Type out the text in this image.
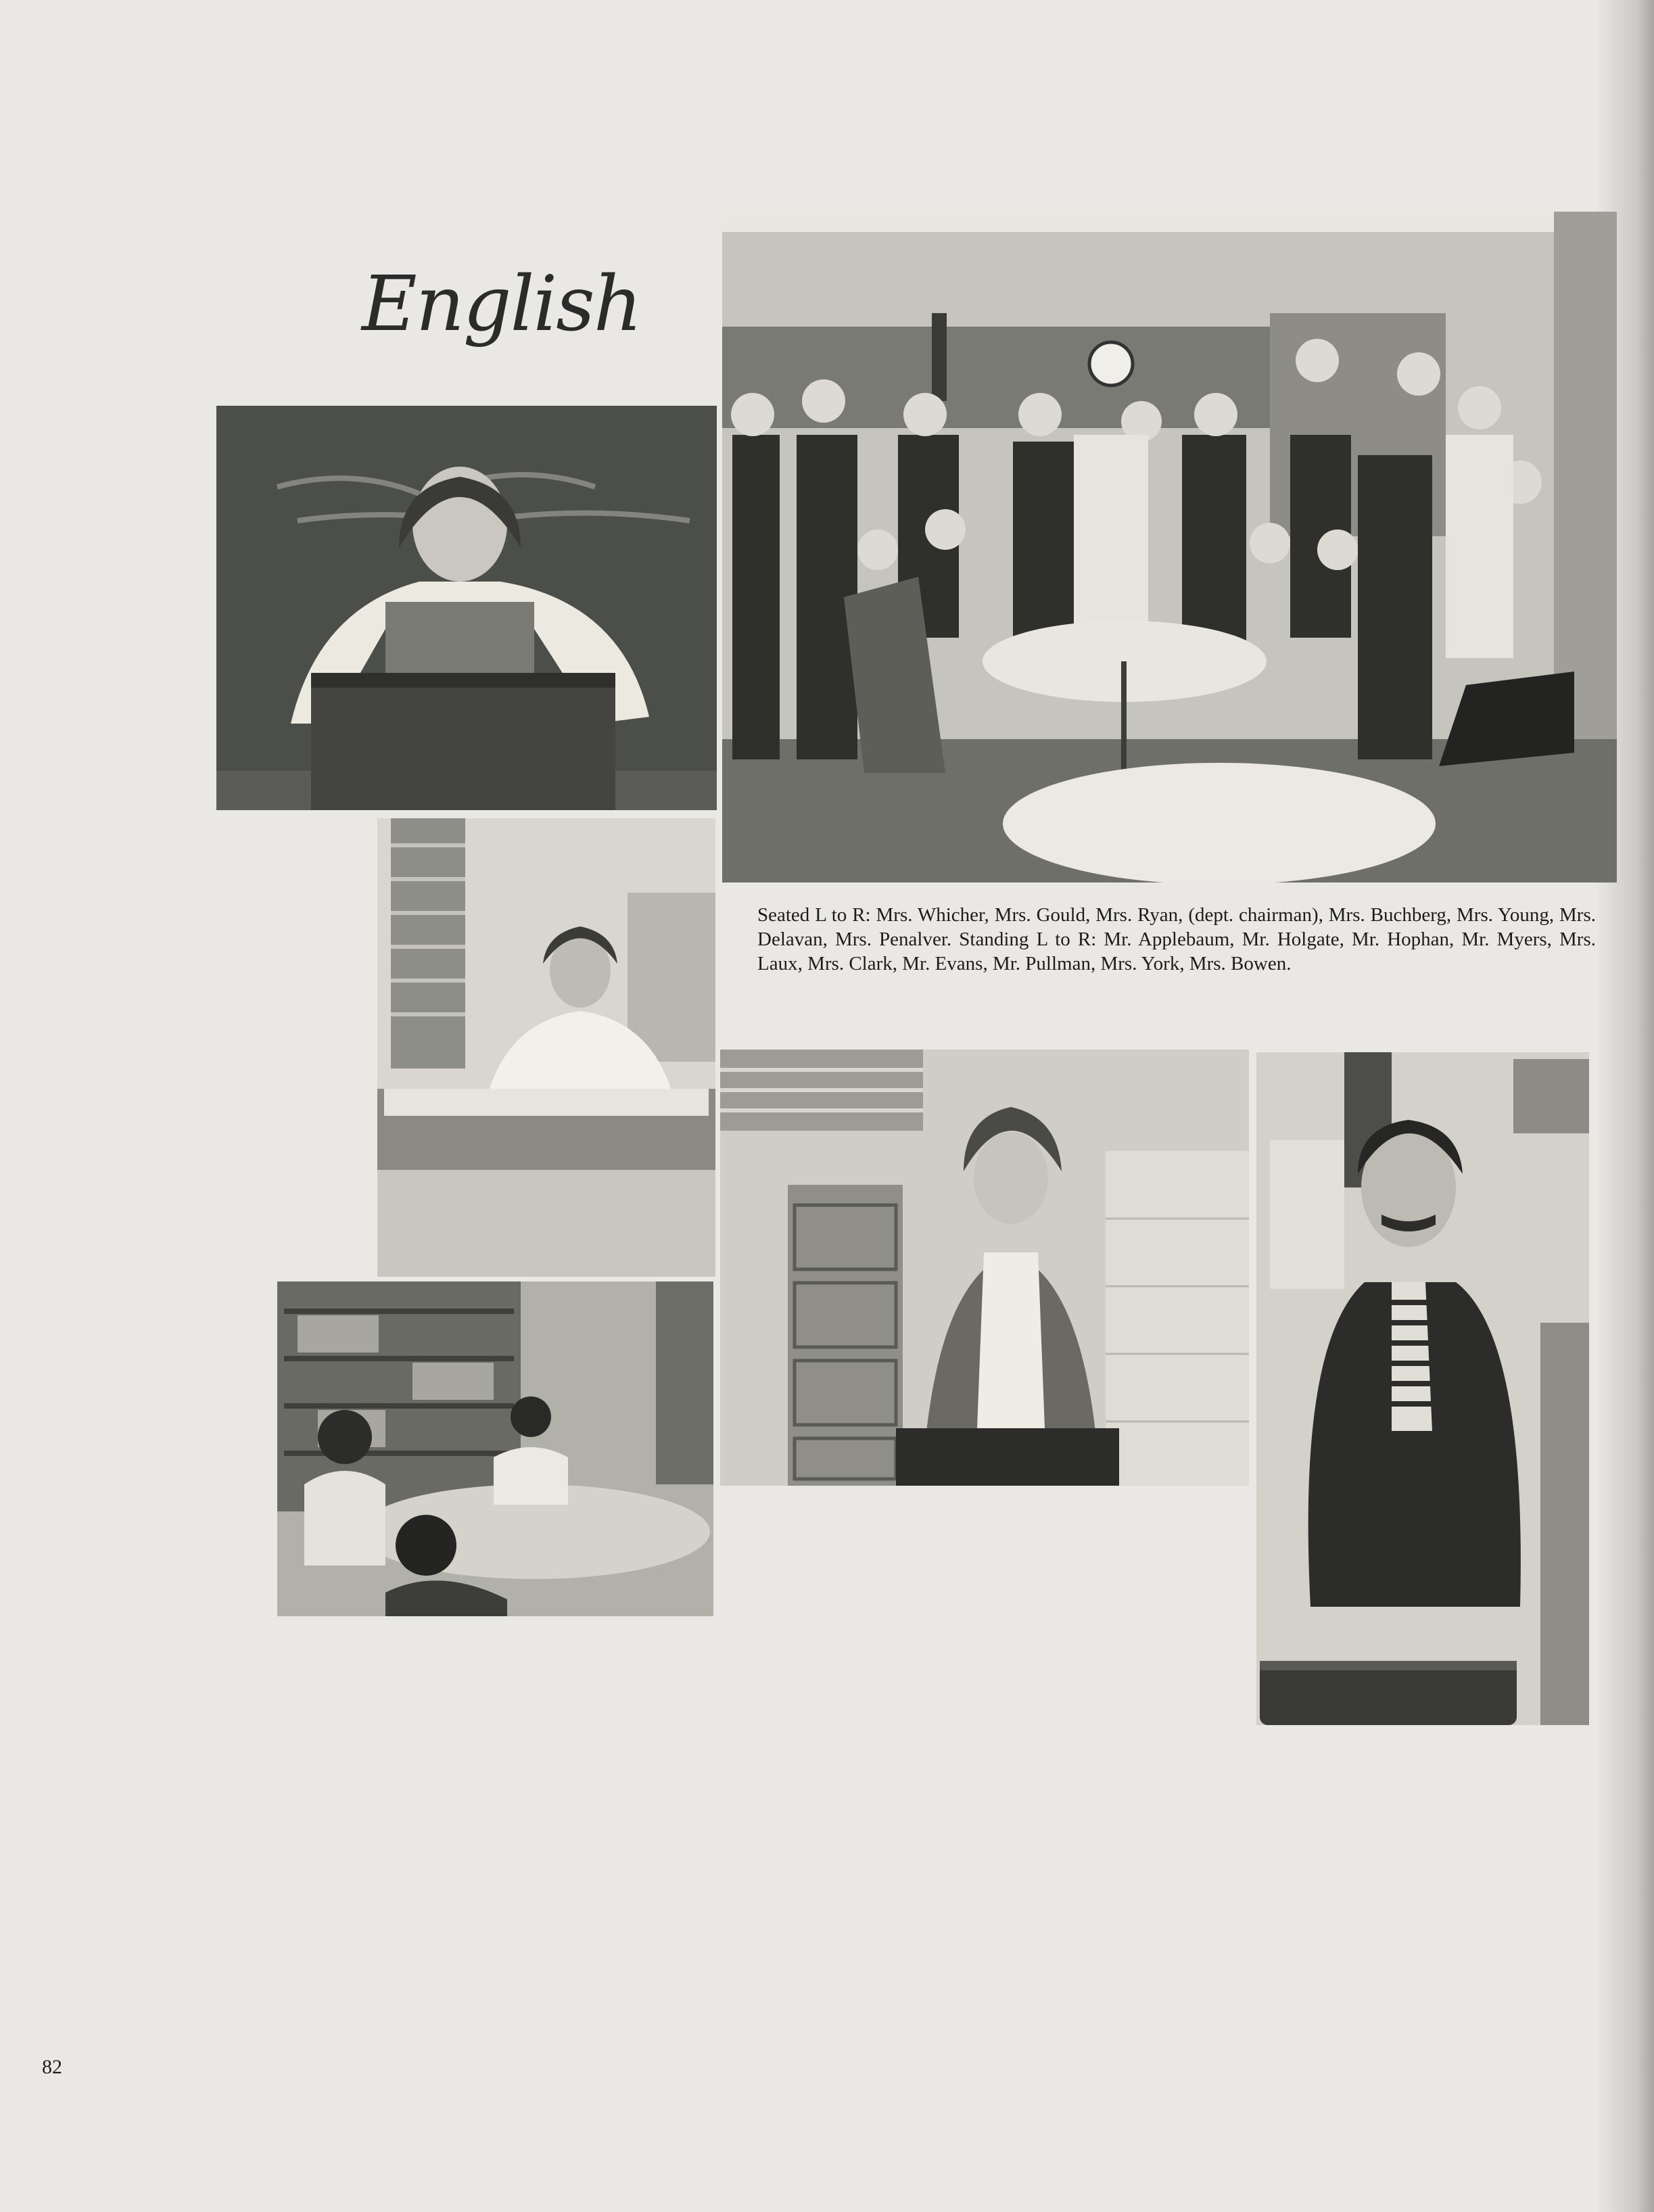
English
Seated L to R: Mrs. Whicher, Mrs. Gould, Mrs. Ryan, (dept. chairman), Mrs. Buchberg, Mrs. Young, Mrs. Delavan, Mrs. Penalver. Standing L to R: Mr. Applebaum, Mr. Holgate, Mr. Hophan, Mr. Myers, Mrs. Laux, Mrs. Clark, Mr. Evans, Mr. Pullman, Mrs. York, Mrs. Bowen.
82
